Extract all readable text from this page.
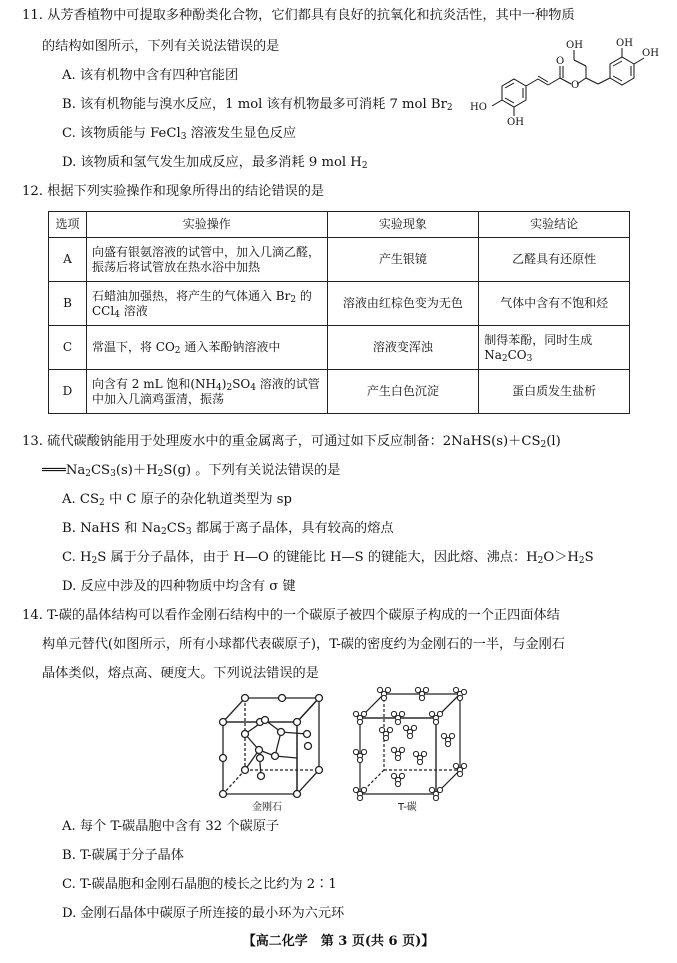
11. 从芳香植物中可提取多种酚类化合物，它们都具有良好的抗氧化和抗炎活性，其中一种物质
的结构如图所示，下列有关说法错误的是
A. 该有机物中含有四种官能团
B. 该有机物能与溴水反应，1 mol 该有机物最多可消耗 7 mol $Br_2$
C. 该物质能与 FeCl$_3$ 溶液发生显色反应
D. 该物质和氢气发生加成反应，最多消耗 9 mol $H_2$
OH
OH
HO
OH
O
O
OH
12. 根据下列实验操作和现象所得出的结论错误的是
选项	实验操作	实验现象	实验结论
A	向盛有银氨溶液的试管中，加入几滴乙醛，振荡后将试管放在热水浴中加热	产生银镜	乙醛具有还原性
B	石蜡油加强热，将产生的气体通入 $Br_2$ 的 CCl$_4$ 溶液	溶液由红棕色变为无色	气体中含有不饱和烃
C	常温下，将 $CO_2$ 通入苯酚钠溶液中	溶液变浑浊	制得苯酚，同时生成 $Na_2CO_3$
D	向含有 2 mL 饱和$(NH_4)_2SO_4$ 溶液的试管中加入几滴鸡蛋清，振荡	产生白色沉淀	蛋白质发生盐析
13. 硫代碳酸钠能用于处理废水中的重金属离子，可通过如下反应制备：$2NaHS(s)+CS_2(l)$
$═══Na_2CS_3(s)+H_2S(g)$ 。下列有关说法错误的是
A. $CS_2$ 中 C 原子的杂化轨道类型为 sp
B. NaHS 和 $Na_2CS_3$ 都属于离子晶体，具有较高的熔点
C. $H_2S$ 属于分子晶体，由于 H—O 的键能比 H—S 的键能大，因此熔、沸点：$H_2O>H_2S$
D. 反应中涉及的四种物质中均含有 σ 键
14. T-碳的晶体结构可以看作金刚石结构中的一个碳原子被四个碳原子构成的一个正四面体结
构单元替代(如图所示，所有小球都代表碳原子)，T-碳的密度约为金刚石的一半，与金刚石
晶体类似，熔点高、硬度大。下列说法错误的是
金刚石	T-碳
A. 每个 T-碳晶胞中含有 32 个碳原子
B. T-碳属于分子晶体
C. T-碳晶胞和金刚石晶胞的棱长之比约为 2∶1
D. 金刚石晶体中碳原子所连接的最小环为六元环
【高二化学　第 3 页(共 6 页)】
